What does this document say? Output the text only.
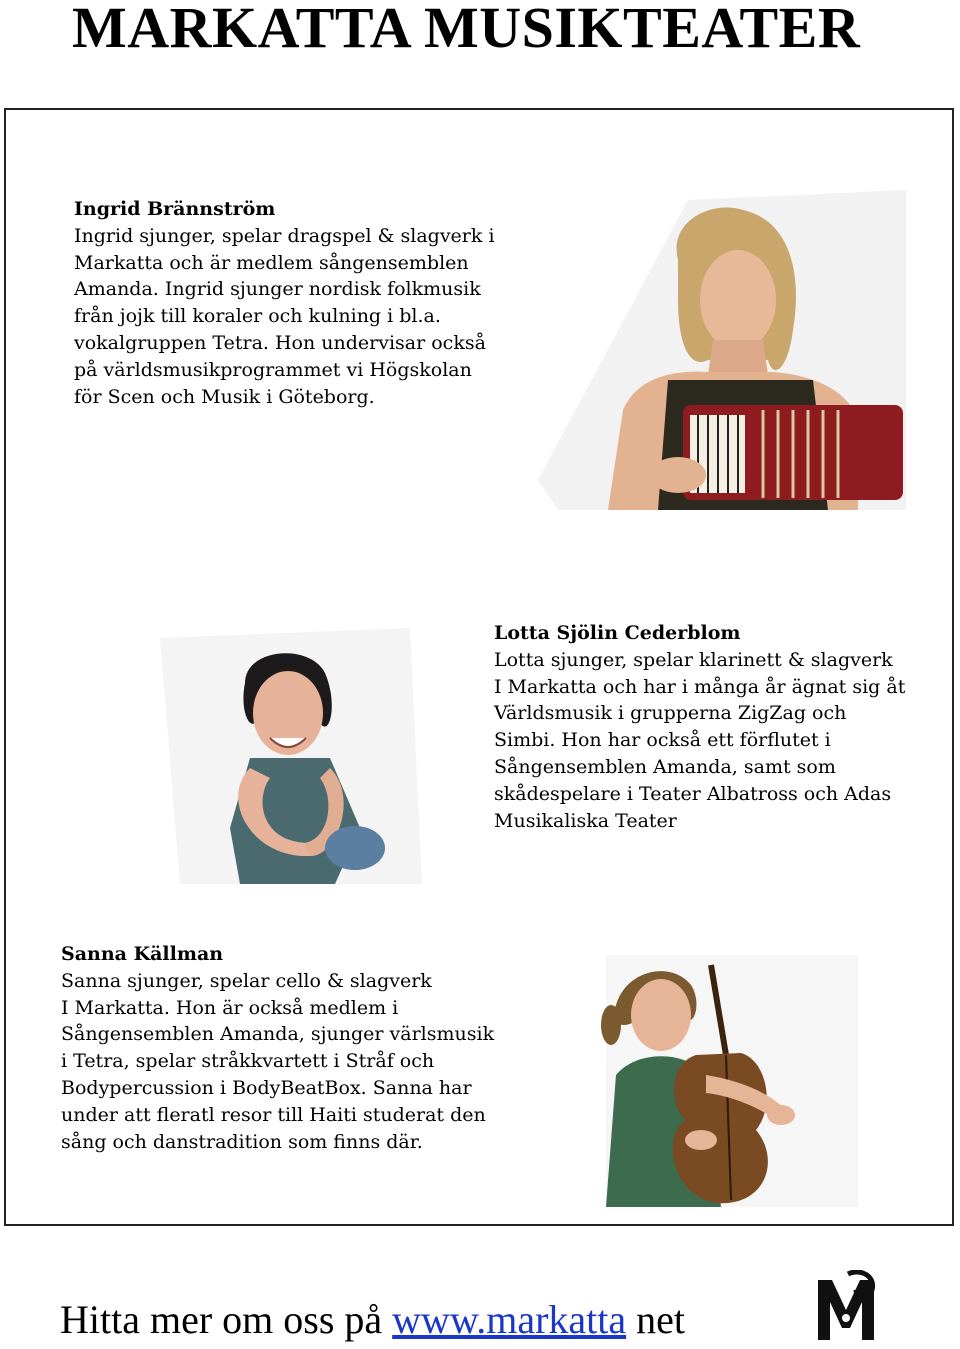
MARKATTA MUSIKTEATER
Ingrid Brännström
Ingrid sjunger, spelar dragspel & slagverk i
Markatta och är medlem sångensemblen
Amanda. Ingrid sjunger nordisk folkmusik
från jojk till koraler och kulning i bl.a.
vokalgruppen Tetra. Hon undervisar också
på världsmusikprogrammet vi Högskolan
för Scen och Musik i Göteborg.
Lotta Sjölin Cederblom
Lotta sjunger, spelar klarinett & slagverk
I Markatta och har i många år ägnat sig åt
Världsmusik i grupperna ZigZag och
Simbi. Hon har också ett förflutet i
Sångensemblen Amanda, samt som
skådespelare i Teater Albatross och Adas
Musikaliska Teater
Sanna Källman
Sanna sjunger, spelar cello & slagverk
I Markatta. Hon är också medlem i
Sångensemblen Amanda, sjunger värlsmusik
i Tetra, spelar stråkkvartett i Stråf och
Bodypercussion i BodyBeatBox. Sanna har
under att fleratl resor till Haiti studerat den
sång och danstradition som finns där.
Hitta mer om oss på www.markatta net
